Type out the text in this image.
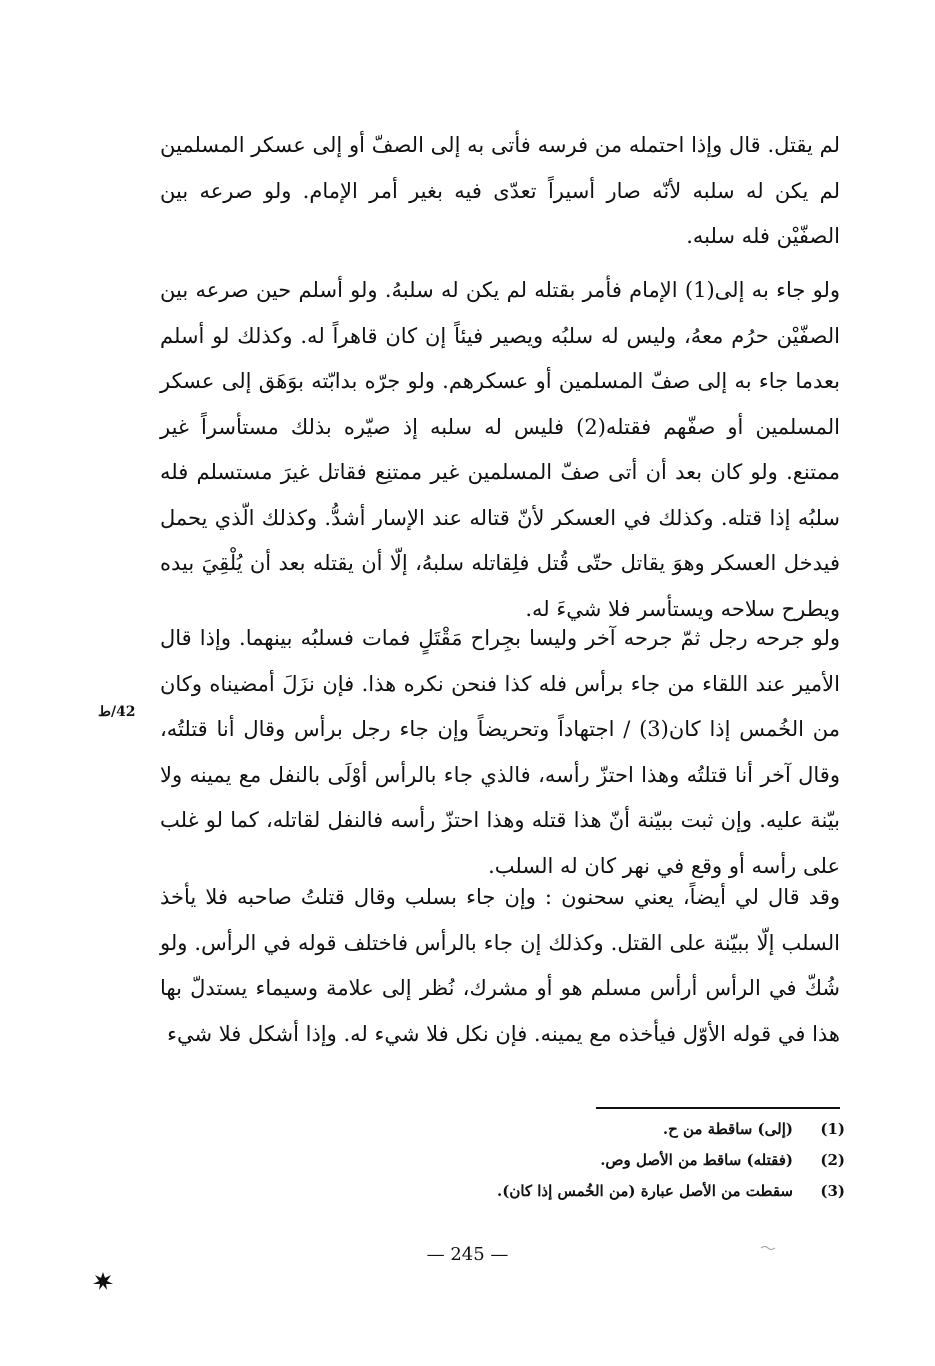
لم يقتل. قال وإذا احتمله من فرسه فأتى به إلى الصفّ أو إلى عسكر المسلمين لم يكن له سلبه لأنّه صار أسيراً تعدّى فيه بغير أمر الإمام. ولو صرعه بين الصفّيْن فله سلبه.

ولو جاء به إلى(1) الإمام فأمر بقتله لم يكن له سلبهُ. ولو أسلم حين صرعه بين الصفّيْن حرُم معهُ، وليس له سلبُه ويصير فيئاً إن كان قاهراً له. وكذلك لو أسلم بعدما جاء به إلى صفّ المسلمين أو عسكرهم. ولو جرّه بدابّته بوَهَق إلى عسكر المسلمين أو صفّهم فقتله(2) فليس له سلبه إذ صيّره بذلك مستأسراً غير ممتنع. ولو كان بعد أن أتى صفّ المسلمين غير ممتنِع فقاتل غيرَ مستسلم فله سلبُه إذا قتله. وكذلك في العسكر لأنّ قتاله عند الإسار أشدُّ. وكذلك الّذي يحمل فيدخل العسكر وهوَ يقاتل حتّى قُتل فلِقاتله سلبهُ، إلّا أن يقتله بعد أن يُلْقِيَ بيده ويطرح سلاحه ويستأسر فلا شيءَ له.

ولو جرحه رجل ثمّ جرحه آخر وليسا بجِراح مَقْتَلٍ فمات فسلبُه بينهما. وإذا قال الأمير عند اللقاء من جاء برأس فله كذا فنحن نكره هذا. فإن نزَلَ أمضيناه وكان من الخُمس إذا كان(3) / اجتهاداً وتحريضاً وإن جاء رجل برأس وقال أنا قتلتُه، وقال آخر أنا قتلتُه وهذا احتزّ رأسه، فالذي جاء بالرأس أوْلَى بالنفل مع يمينه ولا بيّنة عليه. وإن ثبت ببيّنة أنّ هذا قتله وهذا احتزّ رأسه فالنفل لقاتله، كما لو غلب على رأسه أو وقع في نهر كان له السلب.

وقد قال لي أيضاً، يعني سحنون : وإن جاء بسلب وقال قتلتُ صاحبه فلا يأخذ السلب إلّا ببيّنة على القتل. وكذلك إن جاء بالرأس فاختلف قوله في الرأس. ولو شُكّ في الرأس أرأس مسلم هو أو مشرك، نُظر إلى علامة وسيماء يستدلّ بها هذا في قوله الأوّل فيأخذه مع يمينه. فإن نكل فلا شيء له. وإذا أشكل فلا شيء

42/ط
(1)
(إلى) ساقطة من ح.
(2)
(فقتله) ساقط من الأصل وص.
(3)
سقطت من الأصل عبارة (من الخُمس إذا كان).
— 245 —
